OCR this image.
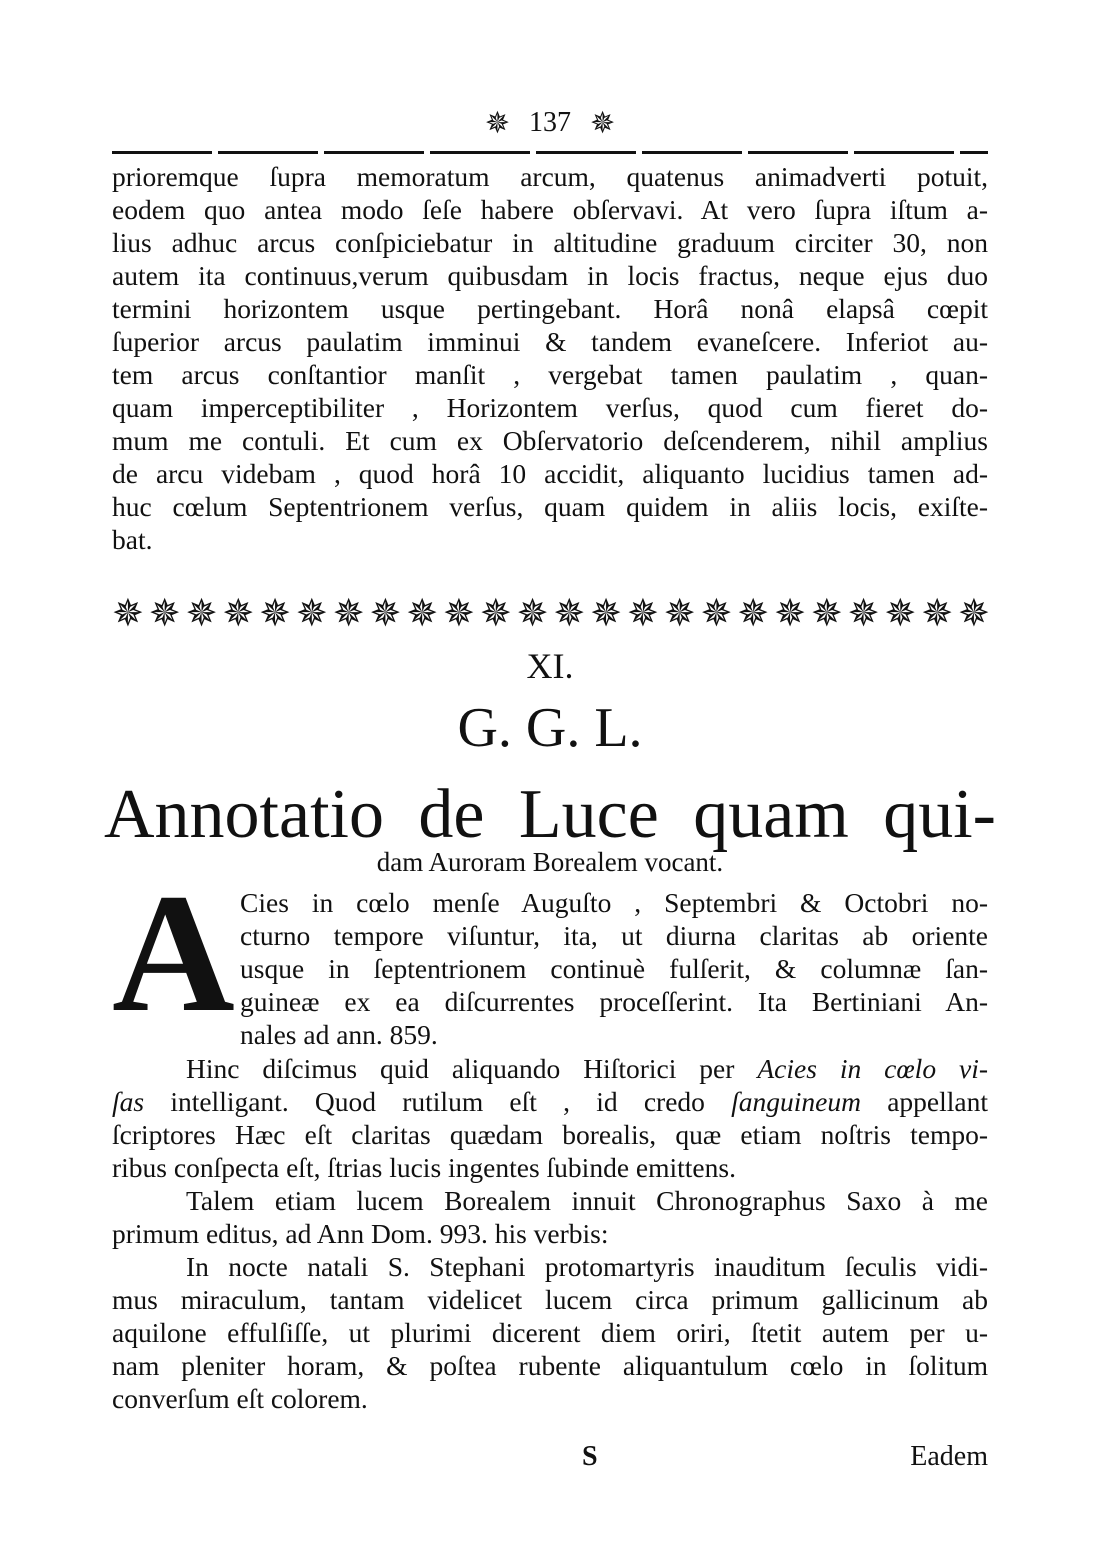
✵ 137 ✵
prioremque ſupra memoratum arcum, quatenus animadverti potuit,
eodem quo antea modo ſeſe habere obſervavi. At vero ſupra iſtum a-
lius adhuc arcus conſpiciebatur in altitudine graduum circiter 30, non
autem ita continuus,verum quibusdam in locis fractus, neque ejus duo
termini horizontem usque pertingebant. Horâ nonâ elapsâ cœpit
ſuperior arcus paulatim imminui & tandem evaneſcere. Inferiot au-
tem arcus conſtantior manſit , vergebat tamen paulatim , quan-
quam imperceptibiliter , Horizontem verſus, quod cum fieret do-
mum me contuli. Et cum ex Obſervatorio deſcenderem, nihil amplius
de arcu videbam , quod horâ 10 accidit, aliquanto lucidius tamen ad-
huc cœlum Septentrionem verſus, quam quidem in aliis locis, exiſte-
bat.
✵ ✵ ✵ ✵ ✵ ✵ ✵ ✵ ✵ ✵ ✵ ✵ ✵ ✵ ✵ ✵ ✵ ✵ ✵ ✵ ✵ ✵ ✵ ✵
XI.
G. G. L.
Annotatio de Luce quam qui-
dam Auroram Borealem vocant.
A Cies in cœlo menſe Auguſto , Septembri & Octobri no-
cturno tempore viſuntur, ita, ut diurna claritas ab oriente
usque in ſeptentrionem continuè fulſerit, & columnæ ſan-
guineæ ex ea diſcurrentes proceſſerint. Ita Bertiniani An-
nales ad ann. 859.
Hinc diſcimus quid aliquando Hiſtorici per Acies in cœlo vi-
ſas intelligant. Quod rutilum eſt , id credo ſanguineum appellant
ſcriptores Hæc eſt claritas quædam borealis, quæ etiam noſtris tempo-
ribus conſpecta eſt, ſtrias lucis ingentes ſubinde emittens.
Talem etiam lucem Borealem innuit Chronographus Saxo à me
primum editus, ad Ann Dom. 993. his verbis:
In nocte natali S. Stephani protomartyris inauditum ſeculis vidi-
mus miraculum, tantam videlicet lucem circa primum gallicinum ab
aquilone effulſiſſe, ut plurimi dicerent diem oriri, ſtetit autem per u-
nam pleniter horam, & poſtea rubente aliquantulum cœlo in ſolitum
converſum eſt colorem.
S	Eadem
